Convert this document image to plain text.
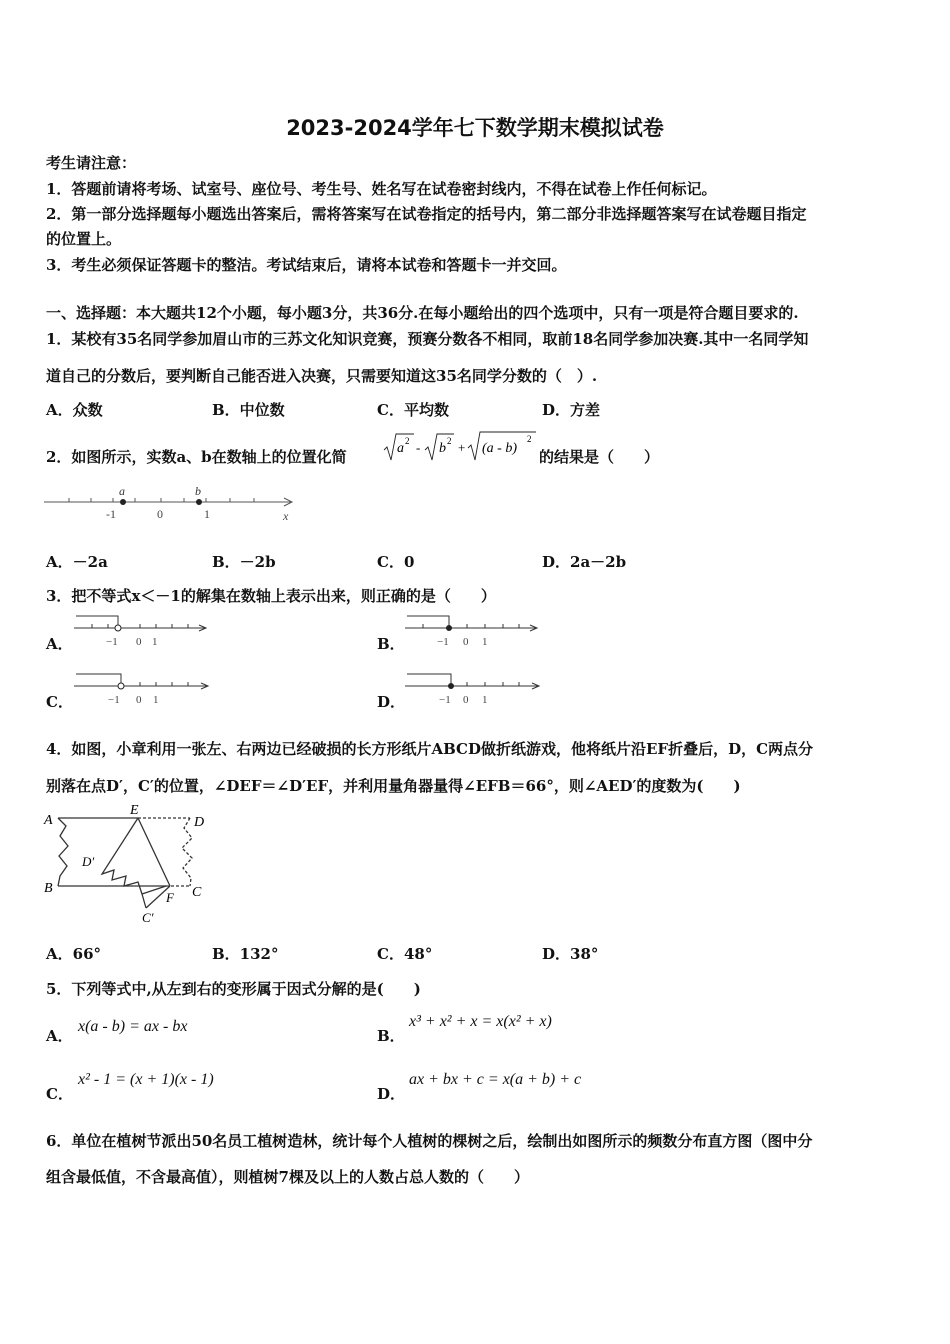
2023-2024学年七下数学期末模拟试卷
考生请注意：
1．答题前请将考场、试室号、座位号、考生号、姓名写在试卷密封线内，不得在试卷上作任何标记。
2．第一部分选择题每小题选出答案后，需将答案写在试卷指定的括号内，第二部分非选择题答案写在试卷题目指定
的位置上。
3．考生必须保证答题卡的整洁。考试结束后，请将本试卷和答题卡一并交回。
一、选择题：本大题共12个小题，每小题3分，共36分.在每小题给出的四个选项中，只有一项是符合题目要求的.
1．某校有35名同学参加眉山市的三苏文化知识竞赛，预赛分数各不相同，取前18名同学参加决赛.其中一名同学知
道自己的分数后，要判断自己能否进入决赛，只需要知道这35名同学分数的（　）.
A．众数	B．中位数	C．平均数	D．方差
2．如图所示，实数a、b在数轴上的位置化简	a 2 - b 2 + (a - b)
2
的结果是（　　）
a	b
-1	0	1	x
A．－2a	B．－2b	C．0	D．2a－2b
3．把不等式x＜－1的解集在数轴上表示出来，则正确的是（　　）
A．	−1 0 1	B．	−1 0 1
C．	−1 0 1	D．	−1 0 1
4．如图，小章利用一张左、右两边已经破损的长方形纸片ABCD做折纸游戏，他将纸片沿EF折叠后，D，C两点分
别落在点D′，C′的位置，∠DEF＝∠D′EF，并利用量角器量得∠EFB＝66°，则∠AED′的度数为(　　)
A
B	C
D
E
F
D′
C′
A．66°	B．132°	C．48°	D．38°
5．下列等式中,从左到右的变形属于因式分解的是(　　)
A．
x(a - b) = ax - bx
B．
x³ + x² + x = x(x² + x)
C．
x² - 1 = (x + 1)(x - 1)
D．
ax + bx + c = x(a + b) + c
6．单位在植树节派出50名员工植树造林，统计每个人植树的棵树之后，绘制出如图所示的频数分布直方图（图中分
组含最低值，不含最高值），则植树7棵及以上的人数占总人数的（　　）
